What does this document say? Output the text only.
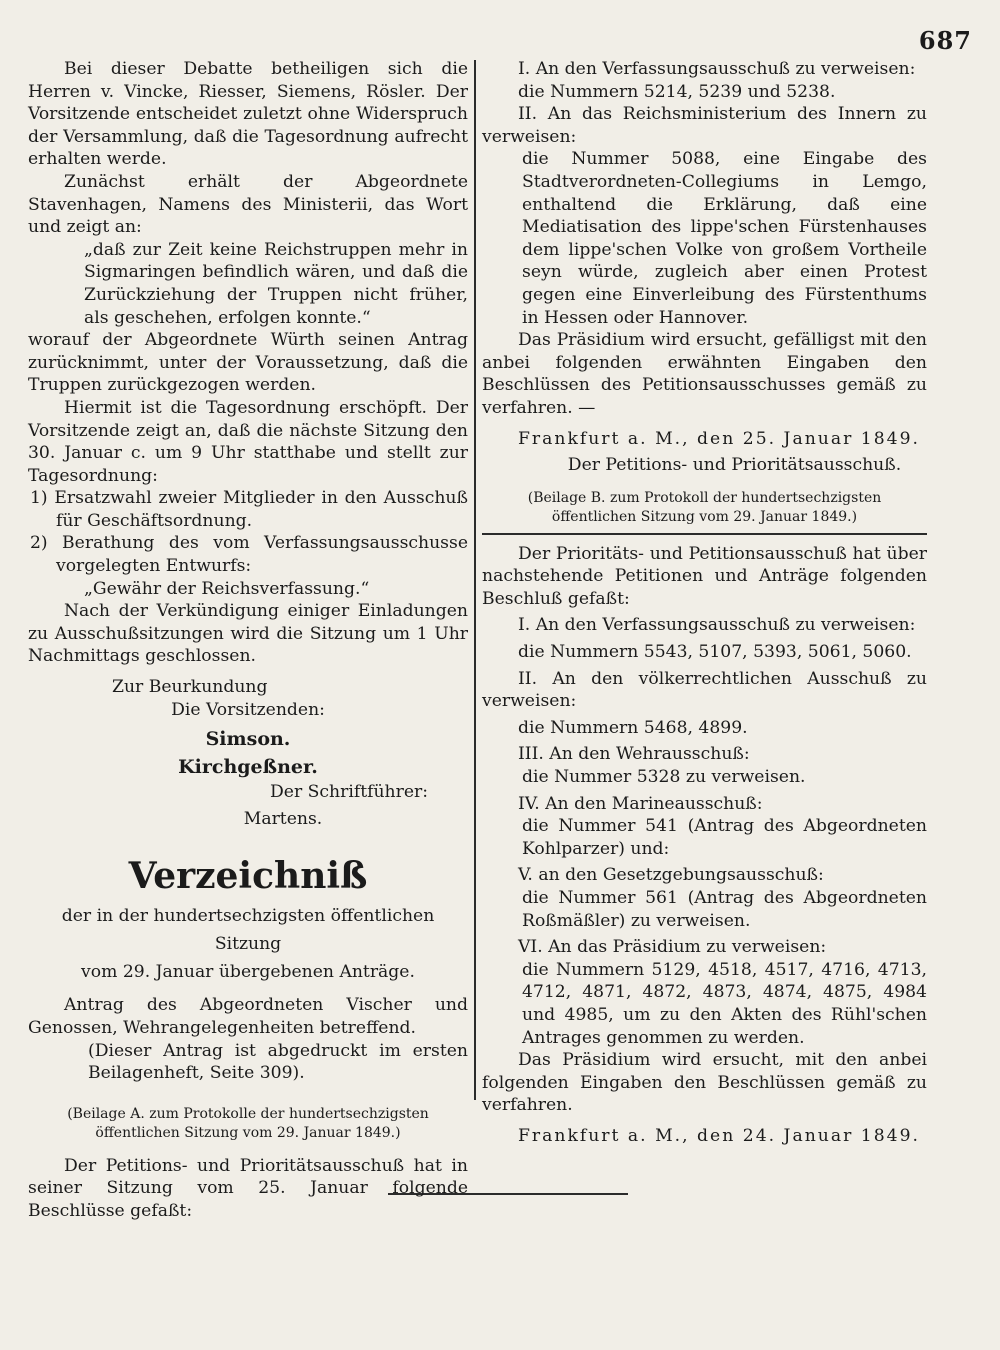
687

Bei dieser Debatte betheiligen sich die Herren v. Vincke, Riesser, Siemens, Rösler. Der Vorsitzende entscheidet zuletzt ohne Widerspruch der Versammlung, daß die Tagesordnung aufrecht erhalten werde.

Zunächst erhält der Abgeordnete Stavenhagen, Namens des Ministerii, das Wort und zeigt an:

„daß zur Zeit keine Reichstruppen mehr in Sigmaringen befindlich wären, und daß die Zurückziehung der Truppen nicht früher, als geschehen, erfolgen konnte.“

worauf der Abgeordnete Würth seinen Antrag zurücknimmt, unter der Voraussetzung, daß die Truppen zurückgezogen werden.

Hiermit ist die Tagesordnung erschöpft. Der Vorsitzende zeigt an, daß die nächste Sitzung den 30. Januar c. um 9 Uhr statthabe und stellt zur Tagesordnung:

1) Ersatzwahl zweier Mitglieder in den Ausschuß für Geschäftsordnung.

2) Berathung des vom Verfassungsausschusse vorgelegten Entwurfs:

„Gewähr der Reichsverfassung.“

Nach der Verkündigung einiger Einladungen zu Ausschußsitzungen wird die Sitzung um 1 Uhr Nachmittags geschlossen.

Zur Beurkundung

Die Vorsitzenden:

Simson.

Kirchgeßner.

Der Schriftführer:

Martens.

Verzeichniß

der in der hundertsechzigsten öffentlichen Sitzung

vom 29. Januar übergebenen Anträge.

Antrag des Abgeordneten Vischer und Genossen, Wehrangelegenheiten betreffend.

(Dieser Antrag ist abgedruckt im ersten Beilagenheft, Seite 309).

(Beilage A. zum Protokolle der hundertsechzigsten öffentlichen Sitzung vom 29. Januar 1849.)

Der Petitions- und Prioritätsausschuß hat in seiner Sitzung vom 25. Januar folgende Beschlüsse gefaßt:

I. An den Verfassungsausschuß zu verweisen:

die Nummern 5214, 5239 und 5238.

II. An das Reichsministerium des Innern zu verweisen:

die Nummer 5088, eine Eingabe des Stadtverordneten-Collegiums in Lemgo, enthaltend die Erklärung, daß eine Mediatisation des lippe'schen Fürstenhauses dem lippe'schen Volke von großem Vortheile seyn würde, zugleich aber einen Protest gegen eine Einverleibung des Fürstenthums in Hessen oder Hannover.

Das Präsidium wird ersucht, gefälligst mit den anbei folgenden erwähnten Eingaben den Beschlüssen des Petitionsausschusses gemäß zu verfahren. —

Frankfurt a. M., den 25. Januar 1849.

Der Petitions- und Prioritätsausschuß.

(Beilage B. zum Protokoll der hundertsechzigsten öffentlichen Sitzung vom 29. Januar 1849.)

Der Prioritäts- und Petitionsausschuß hat über nachstehende Petitionen und Anträge folgenden Beschluß gefaßt:

I. An den Verfassungsausschuß zu verweisen:

die Nummern 5543, 5107, 5393, 5061, 5060.

II. An den völkerrechtlichen Ausschuß zu verweisen:

die Nummern 5468, 4899.

III. An den Wehrausschuß:

die Nummer 5328 zu verweisen.

IV. An den Marineausschuß:

die Nummer 541 (Antrag des Abgeordneten Kohlparzer) und:

V. an den Gesetzgebungsausschuß:

die Nummer 561 (Antrag des Abgeordneten Roßmäßler) zu verweisen.

VI. An das Präsidium zu verweisen:

die Nummern 5129, 4518, 4517, 4716, 4713, 4712, 4871, 4872, 4873, 4874, 4875, 4984 und 4985, um zu den Akten des Rühl'schen Antrages genommen zu werden.

Das Präsidium wird ersucht, mit den anbei folgenden Eingaben den Beschlüssen gemäß zu verfahren.

Frankfurt a. M., den 24. Januar 1849.
